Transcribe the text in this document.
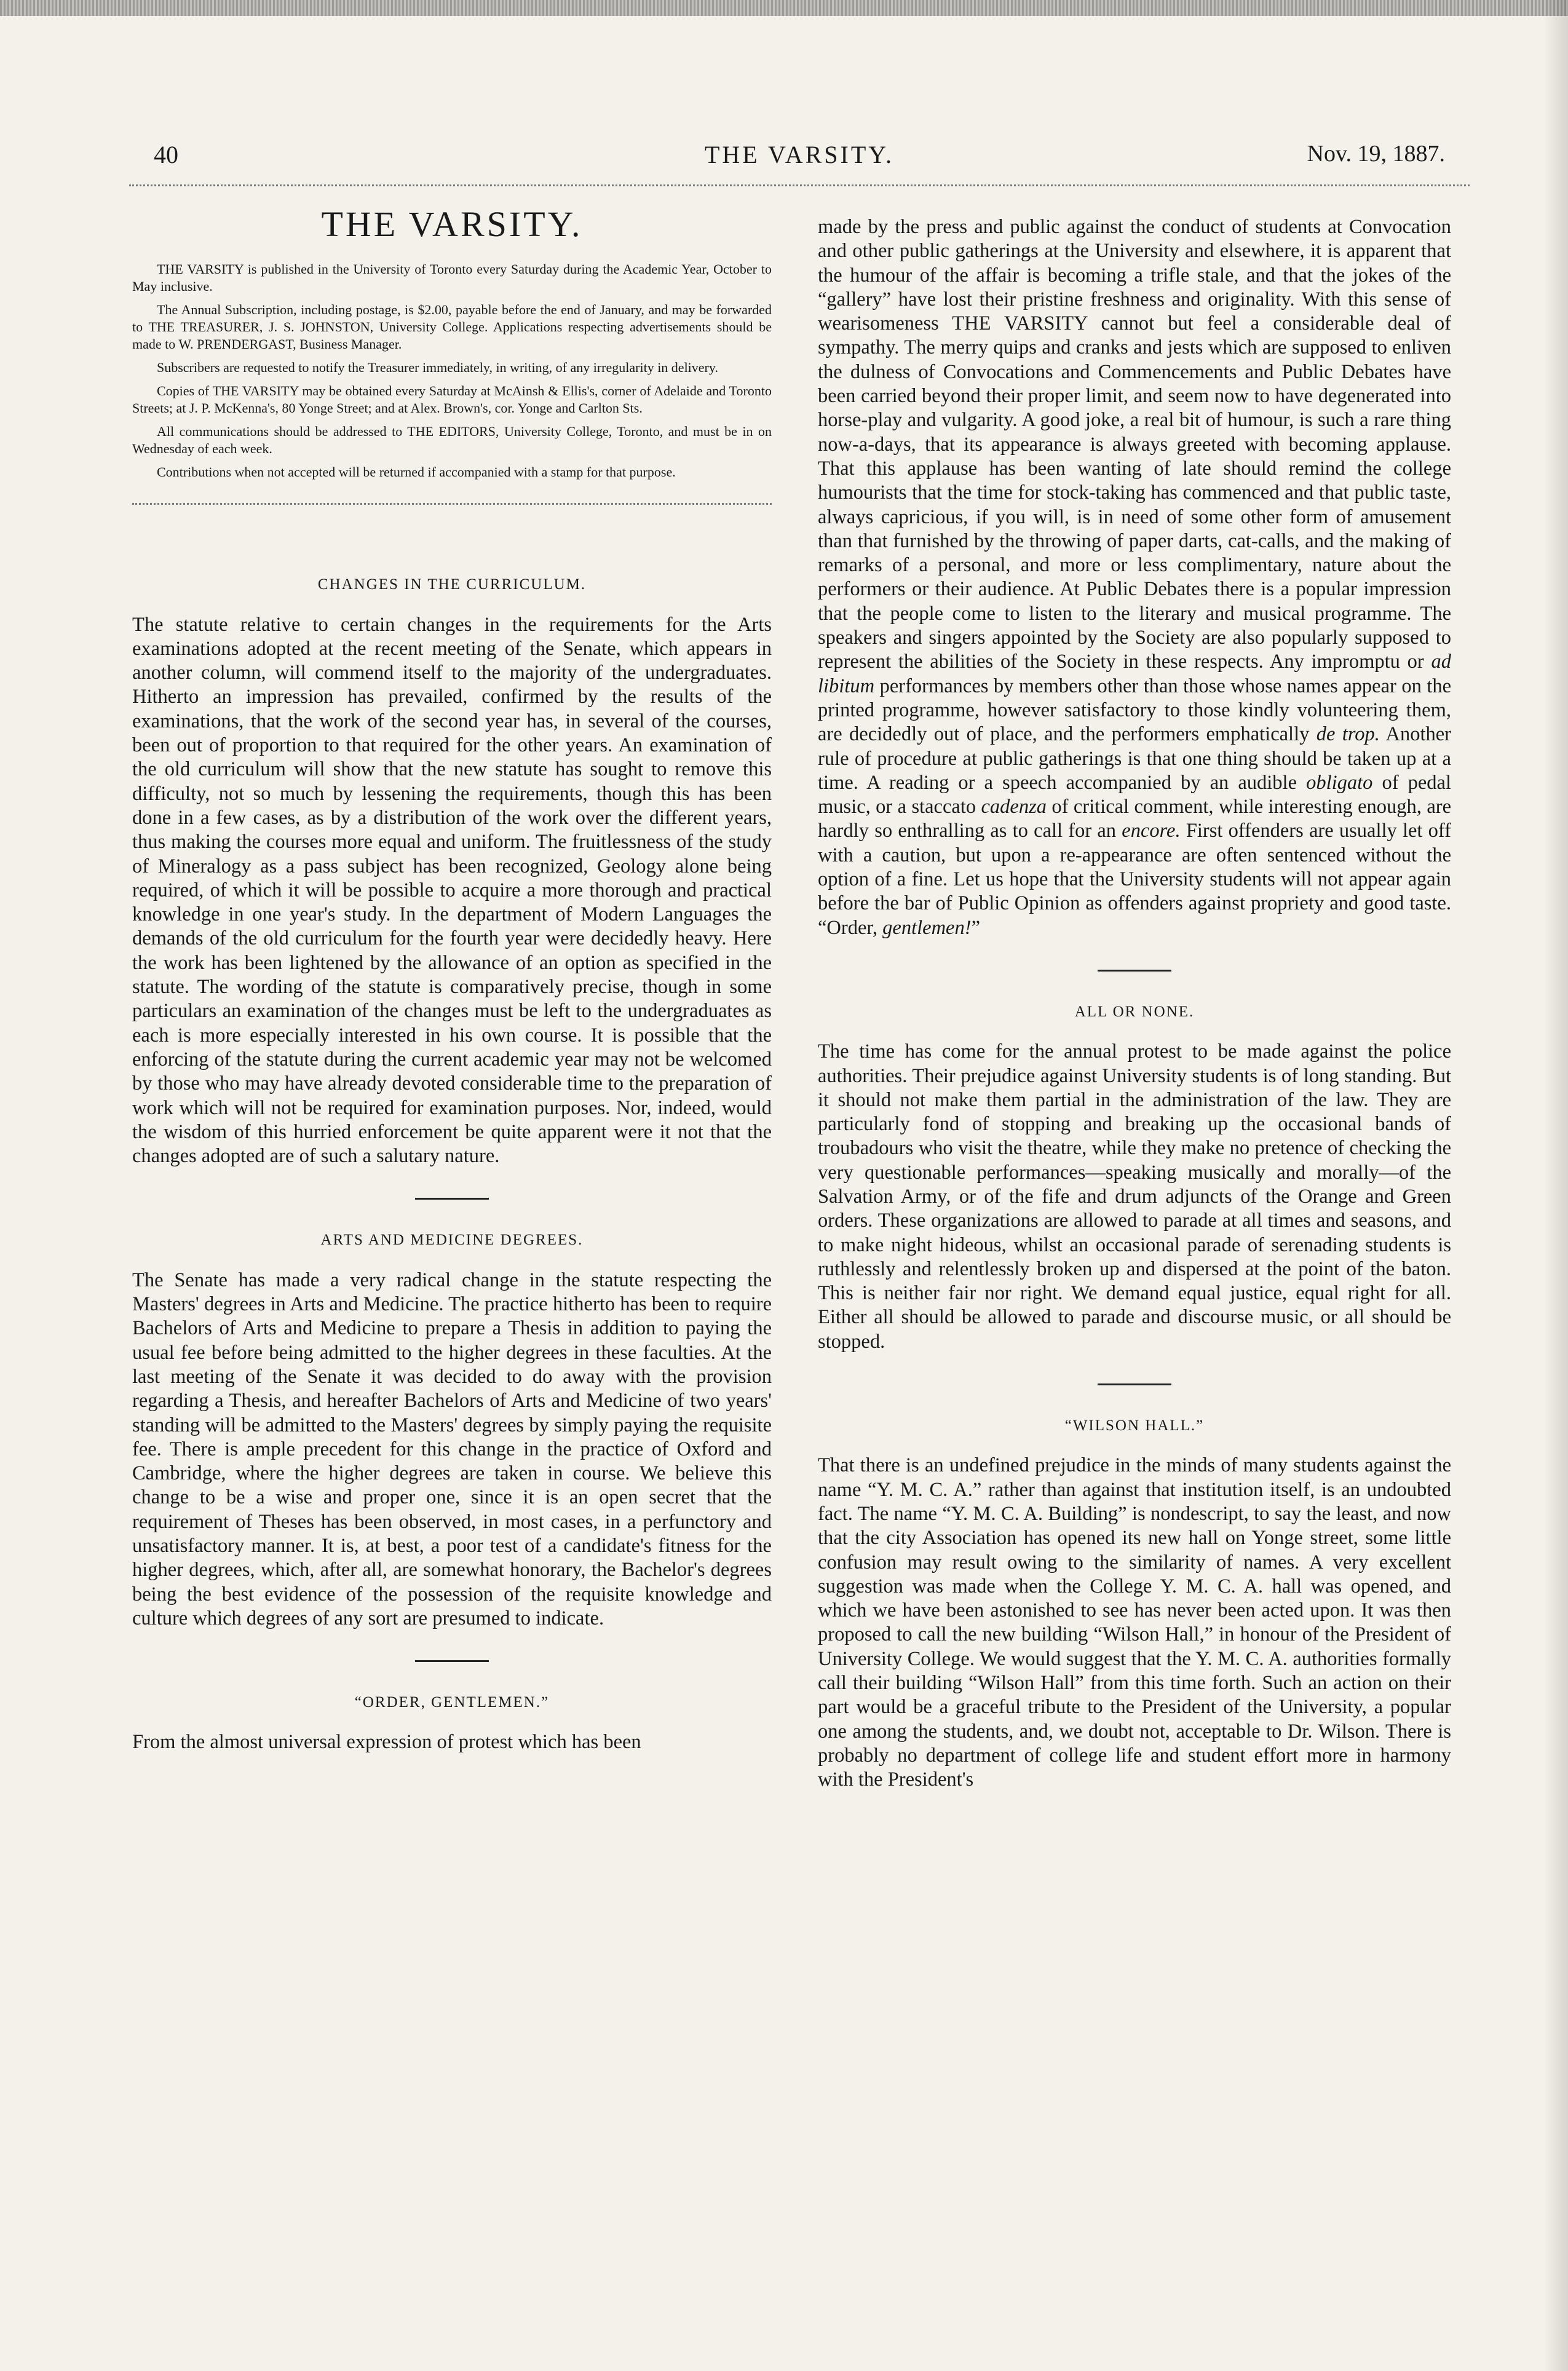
40	THE VARSITY.	Nov. 19, 1887.
THE VARSITY.

THE VARSITY is published in the University of Toronto every Saturday during the Academic Year, October to May inclusive.

The Annual Subscription, including postage, is $2.00, payable before the end of January, and may be forwarded to THE TREASURER, J. S. JOHNSTON, University College. Applications respecting advertisements should be made to W. PRENDERGAST, Business Manager.

Subscribers are requested to notify the Treasurer immediately, in writing, of any irregularity in delivery.

Copies of THE VARSITY may be obtained every Saturday at McAinsh & Ellis's, corner of Adelaide and Toronto Streets; at J. P. McKenna's, 80 Yonge Street; and at Alex. Brown's, cor. Yonge and Carlton Sts.

All communications should be addressed to THE EDITORS, University College, Toronto, and must be in on Wednesday of each week.

Contributions when not accepted will be returned if accompanied with a stamp for that purpose.

CHANGES IN THE CURRICULUM.

The statute relative to certain changes in the requirements for the Arts examinations adopted at the recent meeting of the Senate, which appears in another column, will commend itself to the majority of the undergraduates. Hitherto an impression has prevailed, confirmed by the results of the examinations, that the work of the second year has, in several of the courses, been out of proportion to that required for the other years. An examination of the old curriculum will show that the new statute has sought to remove this difficulty, not so much by lessening the requirements, though this has been done in a few cases, as by a distribution of the work over the different years, thus making the courses more equal and uniform. The fruitlessness of the study of Mineralogy as a pass subject has been recognized, Geology alone being required, of which it will be possible to acquire a more thorough and practical knowledge in one year's study. In the department of Modern Languages the demands of the old curriculum for the fourth year were decidedly heavy. Here the work has been lightened by the allowance of an option as specified in the statute. The wording of the statute is comparatively precise, though in some particulars an examination of the changes must be left to the undergraduates as each is more especially interested in his own course. It is possible that the enforcing of the statute during the current academic year may not be welcomed by those who may have already devoted considerable time to the preparation of work which will not be required for examination purposes. Nor, indeed, would the wisdom of this hurried enforcement be quite apparent were it not that the changes adopted are of such a salutary nature.

ARTS AND MEDICINE DEGREES.

The Senate has made a very radical change in the statute respecting the Masters' degrees in Arts and Medicine. The practice hitherto has been to require Bachelors of Arts and Medicine to prepare a Thesis in addition to paying the usual fee before being admitted to the higher degrees in these faculties. At the last meeting of the Senate it was decided to do away with the provision regarding a Thesis, and hereafter Bachelors of Arts and Medicine of two years' standing will be admitted to the Masters' degrees by simply paying the requisite fee. There is ample precedent for this change in the practice of Oxford and Cambridge, where the higher degrees are taken in course. We believe this change to be a wise and proper one, since it is an open secret that the requirement of Theses has been observed, in most cases, in a perfunctory and unsatisfactory manner. It is, at best, a poor test of a candidate's fitness for the higher degrees, which, after all, are somewhat honorary, the Bachelor's degrees being the best evidence of the possession of the requisite knowledge and culture which degrees of any sort are presumed to indicate.

“ORDER, GENTLEMEN.”

From the almost universal expression of protest which has been

made by the press and public against the conduct of students at Convocation and other public gatherings at the University and elsewhere, it is apparent that the humour of the affair is becoming a trifle stale, and that the jokes of the “gallery” have lost their pristine freshness and originality. With this sense of wearisomeness THE VARSITY cannot but feel a considerable deal of sympathy. The merry quips and cranks and jests which are supposed to enliven the dulness of Convocations and Commencements and Public Debates have been carried beyond their proper limit, and seem now to have degenerated into horse-play and vulgarity. A good joke, a real bit of humour, is such a rare thing now-a-days, that its appearance is always greeted with becoming applause. That this applause has been wanting of late should remind the college humourists that the time for stock-taking has commenced and that public taste, always capricious, if you will, is in need of some other form of amusement than that furnished by the throwing of paper darts, cat-calls, and the making of remarks of a personal, and more or less complimentary, nature about the performers or their audience. At Public Debates there is a popular impression that the people come to listen to the literary and musical programme. The speakers and singers appointed by the Society are also popularly supposed to represent the abilities of the Society in these respects. Any impromptu or ad libitum performances by members other than those whose names appear on the printed programme, however satisfactory to those kindly volunteering them, are decidedly out of place, and the performers emphatically de trop. Another rule of procedure at public gatherings is that one thing should be taken up at a time. A reading or a speech accompanied by an audible obligato of pedal music, or a staccato cadenza of critical comment, while interesting enough, are hardly so enthralling as to call for an encore. First offenders are usually let off with a caution, but upon a re-appearance are often sentenced without the option of a fine. Let us hope that the University students will not appear again before the bar of Public Opinion as offenders against propriety and good taste. “Order, gentlemen!”

ALL OR NONE.

The time has come for the annual protest to be made against the police authorities. Their prejudice against University students is of long standing. But it should not make them partial in the administration of the law. They are particularly fond of stopping and breaking up the occasional bands of troubadours who visit the theatre, while they make no pretence of checking the very questionable performances—speaking musically and morally—of the Salvation Army, or of the fife and drum adjuncts of the Orange and Green orders. These organizations are allowed to parade at all times and seasons, and to make night hideous, whilst an occasional parade of serenading students is ruthlessly and relentlessly broken up and dispersed at the point of the baton. This is neither fair nor right. We demand equal justice, equal right for all. Either all should be allowed to parade and discourse music, or all should be stopped.

“WILSON HALL.”

That there is an undefined prejudice in the minds of many students against the name “Y. M. C. A.” rather than against that institution itself, is an undoubted fact. The name “Y. M. C. A. Building” is nondescript, to say the least, and now that the city Association has opened its new hall on Yonge street, some little confusion may result owing to the similarity of names. A very excellent suggestion was made when the College Y. M. C. A. hall was opened, and which we have been astonished to see has never been acted upon. It was then proposed to call the new building “Wilson Hall,” in honour of the President of University College. We would suggest that the Y. M. C. A. authorities formally call their building “Wilson Hall” from this time forth. Such an action on their part would be a graceful tribute to the President of the University, a popular one among the students, and, we doubt not, acceptable to Dr. Wilson. There is probably no department of college life and student effort more in harmony with the President's
